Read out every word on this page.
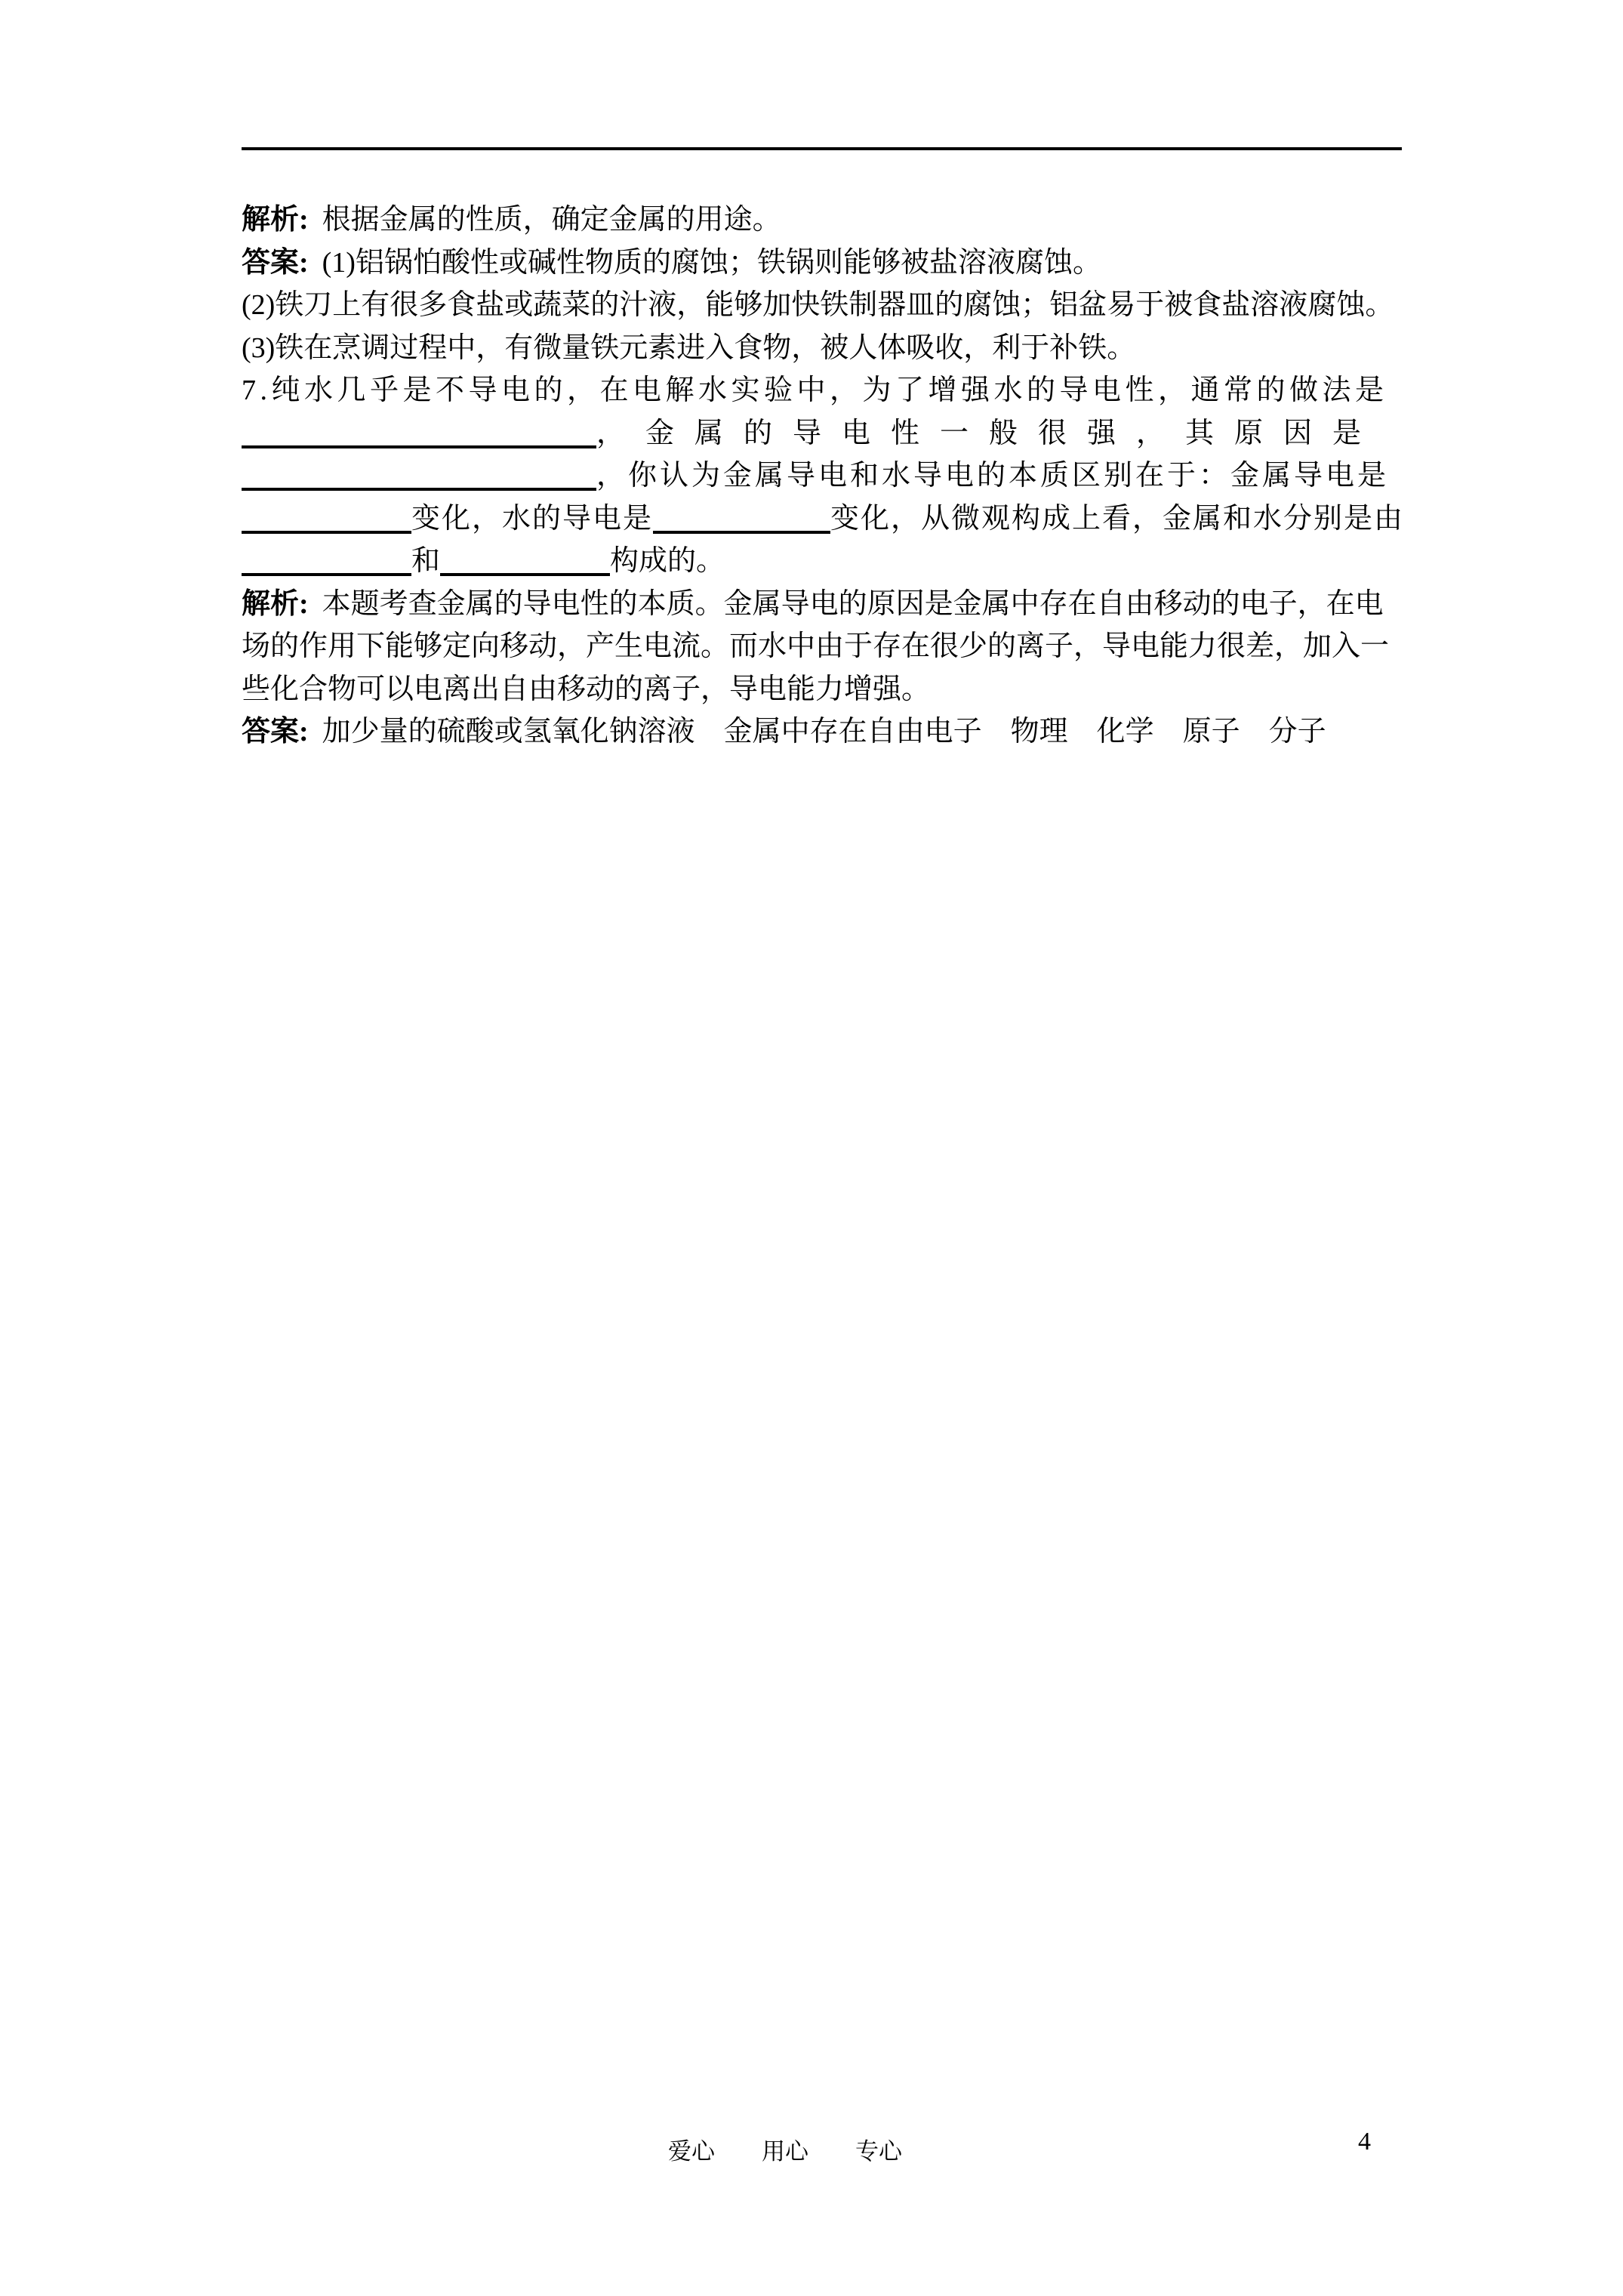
解析: 根据金属的性质，确定金属的用途。
答案: (1)铝锅怕酸性或碱性物质的腐蚀；铁锅则能够被盐溶液腐蚀。
(2)铁刀上有很多食盐或蔬菜的汁液，能够加快铁制器皿的腐蚀；铝盆易于被食盐溶液腐蚀。
(3)铁在烹调过程中，有微量铁元素进入食物，被人体吸收，利于补铁。
7.纯水几乎是不导电的，在电解水实验中，为了增强水的导电性，通常的做法是
，金属的导电性一般很强，其原因是
，你认为金属导电和水导电的本质区别在于：金属导电是
变化，水的导电是	变化，从微观构成上看，金属和水分别是由
和	构成的。
解析: 本题考查金属的导电性的本质。金属导电的原因是金属中存在自由移动的电子，在电
场的作用下能够定向移动，产生电流。而水中由于存在很少的离子，导电能力很差，加入一
些化合物可以电离出自由移动的离子，导电能力增强。
答案: 加少量的硫酸或氢氧化钠溶液　金属中存在自由电子　物理　化学　原子　分子
爱心　　用心　　专心	4
